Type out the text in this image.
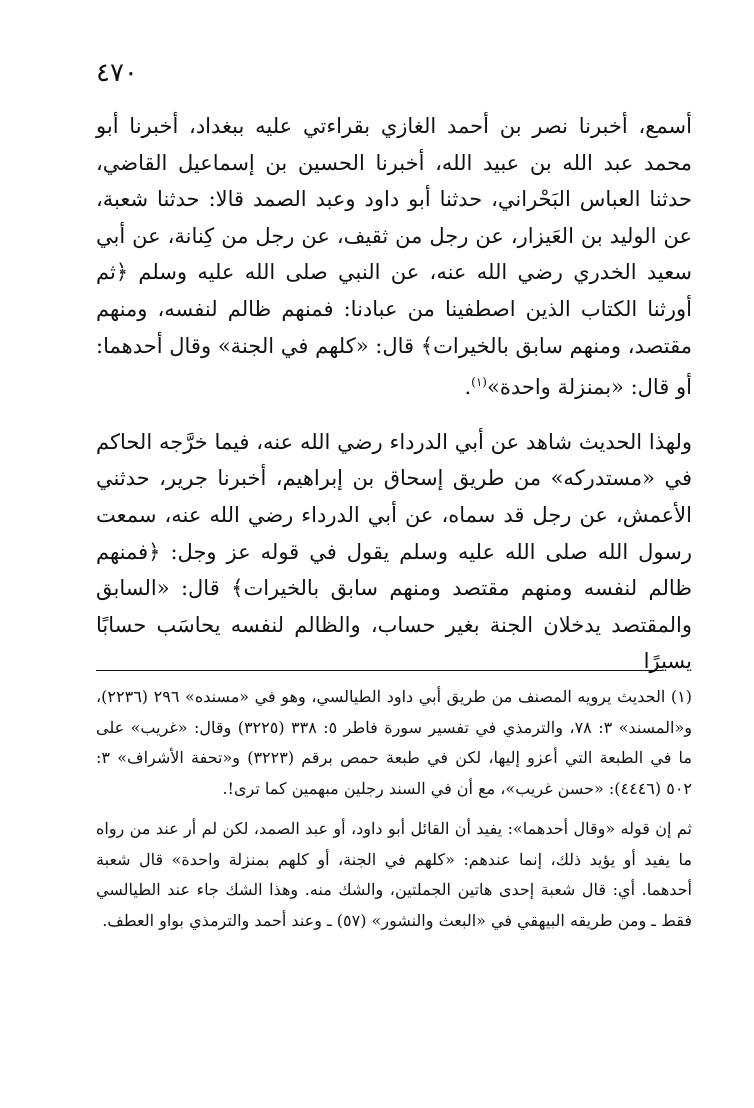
٤٧٠

أسمع، أخبرنا نصر بن أحمد الغازي بقراءتي عليه ببغداد، أخبرنا أبو محمد عبد الله بن عبيد الله، أخبرنا الحسين بن إسماعيل القاضي، حدثنا العباس البَحْراني، حدثنا أبو داود وعبد الصمد قالا: حدثنا شعبة، عن الوليد بن العَيزار، عن رجل من ثقيف، عن رجل من كِنانة، عن أبي سعيد الخدري رضي الله عنه، عن النبي صلى الله عليه وسلم ﴿ثم أورثنا الكتاب الذين اصطفينا من عبادنا: فمنهم ظالم لنفسه، ومنهم مقتصد، ومنهم سابق بالخيرات﴾ قال: «كلهم في الجنة» وقال أحدهما: أو قال: «بمنزلة واحدة»$^{(١)}$.

ولهذا الحديث شاهد عن أبي الدرداء رضي الله عنه، فيما خرَّجه الحاكم في «مستدركه» من طريق إسحاق بن إبراهيم، أخبرنا جرير، حدثني الأعمش، عن رجل قد سماه، عن أبي الدرداء رضي الله عنه، سمعت رسول الله صلى الله عليه وسلم يقول في قوله عز وجل: ﴿فمنهم ظالم لنفسه ومنهم مقتصد ومنهم سابق بالخيرات﴾ قال: «السابق والمقتصد يدخلان الجنة بغير حساب، والظالم لنفسه يحاسَب حسابًا يسيرًا

(١) الحديث يرويه المصنف من طريق أبي داود الطيالسي، وهو في «مسنده» ٢٩٦ (٢٢٣٦)، و«المسند» ٣: ٧٨، والترمذي في تفسير سورة فاطر ٥: ٣٣٨ (٣٢٢٥) وقال: «غريب» على ما في الطبعة التي أعزو إليها، لكن في طبعة حمص برقم (٣٢٢٣) و«تحفة الأشراف» ٣: ٥٠٢ (٤٤٤٦): «حسن غريب»، مع أن في السند رجلين مبهمين كما ترى!.

ثم إن قوله «وقال أحدهما»: يفيد أن القائل أبو داود، أو عبد الصمد، لكن لم أر عند من رواه ما يفيد أو يؤيد ذلك، إنما عندهم: «كلهم في الجنة، أو كلهم بمنزلة واحدة» قال شعبة أحدهما. أي: قال شعبة إحدى هاتين الجملتين، والشك منه. وهذا الشك جاء عند الطيالسي فقط ـ ومن طريقه البيهقي في «البعث والنشور» (٥٧) ـ وعند أحمد والترمذي بواو العطف.
